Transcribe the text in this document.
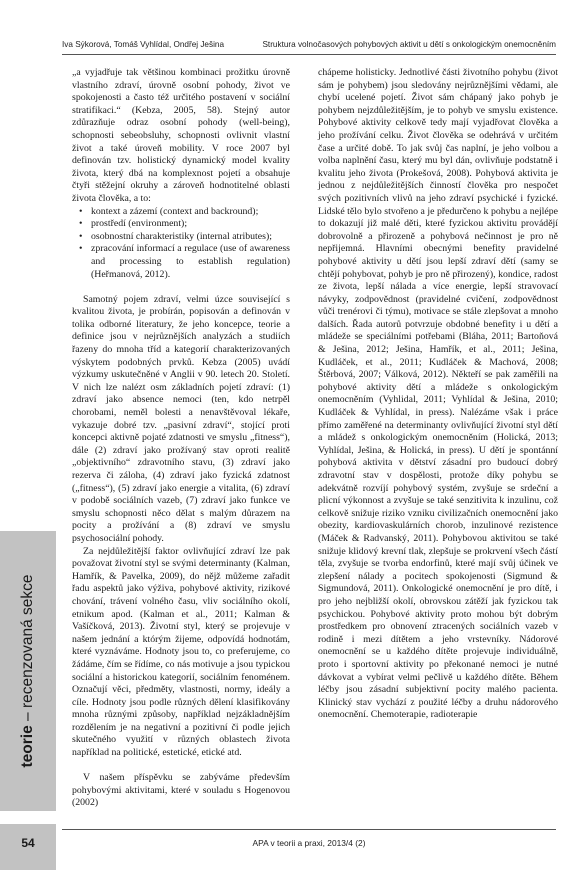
Iva Sýkorová, Tomáš Vyhlídal, Ondřej Ješina	Struktura volnočasových pohybových aktivit u dětí s onkologickým onemocněním

„a vyjadřuje tak většinou kombinaci prožitku úrovně vlastního zdraví, úrovně osobní pohody, život ve spokojenosti a často též určitého postavení v sociální stratifikaci.“ (Kebza, 2005, 58). Stejný autor zdůrazňuje odraz osobní pohody (well-being), schopnosti sebeobsluhy, schopnosti ovlivnit vlastní život a také úroveň mobility. V roce 2007 byl definován tzv. holistický dynamický model kvality života, který dbá na komplexnost pojetí a obsahuje čtyři stěžejní okruhy a zároveň hodnotitelné oblasti života člověka, a to:

• kontext a zázemí (context and backround);
• prostředí (environment);
• osobnostní charakteristiky (internal atributes);
• zpracování informací a regulace (use of awareness and processing to establish regulation) (Heřmanová, 2012).

Samotný pojem zdraví, velmi úzce související s kvalitou života, je probírán, popisován a definován v tolika odborné literatury, že jeho koncepce, teorie a definice jsou v nejrůznějších analyzách a studiích řazeny do mnoha tříd a kategorií charakterizovaných výskytem podobných prvků. Kebza (2005) uvádí výzkumy uskutečněné v Anglii v 90. letech 20. Století. V nich lze nalézt osm základních pojetí zdraví: (1) zdraví jako absence nemoci (ten, kdo netrpěl chorobami, neměl bolesti a nenavštěvoval lékaře, vykazuje dobré tzv. „pasivní zdraví“, stojící proti koncepci aktivně pojaté zdatnosti ve smyslu „fitness“), dále (2) zdraví jako prožívaný stav oproti realitě „objektivního“ zdravotního stavu, (3) zdraví jako rezerva či záloha, (4) zdraví jako fyzická zdatnost („fitness“), (5) zdraví jako energie a vitalita, (6) zdraví v podobě sociálních vazeb, (7) zdraví jako funkce ve smyslu schopnosti něco dělat s malým důrazem na pocity a prožívání a (8) zdraví ve smyslu psychosociální pohody.

Za nejdůležitější faktor ovlivňující zdraví lze pak považovat životní styl se svými determinanty (Kalman, Hamřík, & Pavelka, 2009), do nějž můžeme zařadit řadu aspektů jako výživa, pohybové aktivity, rizikové chování, trávení volného času, vliv sociálního okolí, etnikum apod. (Kalman et al., 2011; Kalman & Vašíčková, 2013). Životní styl, který se projevuje v našem jednání a którým žijeme, odpovídá hodnotám, které vyznáváme. Hodnoty jsou to, co preferujeme, co žádáme, čím se řídíme, co nás motivuje a jsou typickou sociální a historickou kategorií, sociálním fenoménem. Označují věci, předměty, vlastnosti, normy, ideály a cíle. Hodnoty jsou podle různých dělení klasifikovány mnoha různými způsoby, například nejzákladnějším rozdělením je na negativní a pozitivní či podle jejich skutečného využití v různých oblastech života například na politické, estetické, etické atd.

V našem příspěvku se zabýváme především pohybovými aktivitami, které v souladu s Hogenovou (2002)

chápeme holisticky. Jednotlivé části životního pohybu (život sám je pohybem) jsou sledovány nejrůznějšími vědami, ale chybí ucelené pojetí. Život sám chápaný jako pohyb je pohybem nejzdůležitějším, je to pohyb ve smyslu existence. Pohybové aktivity celkově tedy mají vyjadřovat člověka a jeho prožívání celku. Život člověka se odehrává v určitém čase a určité době. To jak svůj čas naplní, je jeho volbou a volba naplnění času, který mu byl dán, ovlivňuje podstatně i kvalitu jeho života (Prokešová, 2008). Pohybová aktivita je jednou z nejdůležitějších činností člověka pro nespočet svých pozitivních vlivů na jeho zdraví psychické i fyzické. Lidské tělo bylo stvořeno a je předurčeno k pohybu a nejlépe to dokazují již malé děti, které fyzickou aktivitu provádějí dobrovolně a přirozeně a pohybová nečinnost je pro ně nepřijemná. Hlavními obecnými benefity pravidelné pohybové aktivity u dětí jsou lepší zdraví dětí (samy se chtějí pohybovat, pohyb je pro ně přirozený), kondice, radost ze života, lepší nálada a více energie, lepší stravovací návyky, zodpovědnost (pravidelné cvičení, zodpovědnost vůči trenérovi či týmu), motivace se stále zlepšovat a mnoho dalších. Řada autorů potvrzuje obdobné benefity i u dětí a mládeže se speciálními potřebami (Bláha, 2011; Bartoňová & Ješina, 2012; Ješina, Hamřík, et al., 2011; Ješina, Kudláček, et al., 2011; Kudláček & Machová, 2008; Štěrbová, 2007; Válková, 2012). Někteří se pak zaměřili na pohybové aktivity dětí a mládeže s onkologickým onemocněním (Vyhlidal, 2011; Vyhlídal & Ješina, 2010; Kudláček & Vyhlídal, in press). Nalézáme však i práce přímo zaměřené na determinanty ovlivňující životní styl dětí a mládež s onkologickým onemocněním (Holická, 2013; Vyhlídal, Ješina, & Holická, in press). U dětí je spontánní pohybová aktivita v dětství zásadní pro budoucí dobrý zdravotní stav v dospělosti, protože díky pohybu se adekvátně rozvíjí pohybový systém, zvyšuje se srdeční a plicní výkonnost a zvyšuje se také senzitivita k inzulinu, což celkově snižuje riziko vzniku civilizačních onemocnění jako obezity, kardiovaskulárních chorob, inzulinové rezistence (Máček & Radvanský, 2011). Pohybovou aktivitou se také snižuje klidový krevní tlak, zlepšuje se prokrvení všech částí těla, zvyšuje se tvorba endorfinů, které mají svůj účinek ve zlepšení nálady a pocitech spokojenosti (Sigmund & Sigmundová, 2011). Onkologické onemocnění je pro dítě, i pro jeho nejbližší okolí, obrovskou zátěží jak fyzickou tak psychickou. Pohybové aktivity proto mohou být dobrým prostředkem pro obnovení ztracených sociálních vazeb v rodině i mezi dítětem a jeho vrstevníky. Nádorové onemocnění se u každého dítěte projevuje individuálně, proto i sportovní aktivity po překonané nemoci je nutné dávkovat a vybírat velmi pečlivě u každého dítěte. Během léčby jsou zásadní subjektivní pocity malého pacienta. Klinický stav vychází z použité léčby a druhu nádorového onemocnění. Chemoterapie, radioterapie

teorie – recenzovaná sekce
54	APA v teorii a praxi, 2013/4 (2)
